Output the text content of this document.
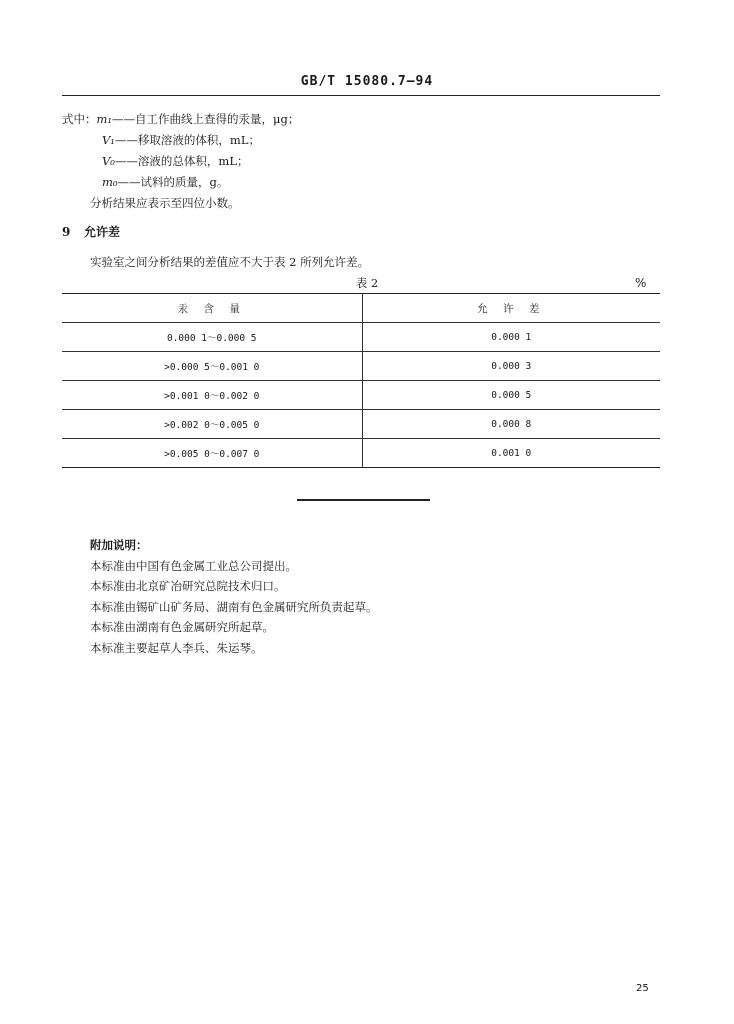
GB/T 15080.7—94
式中：m₁——自工作曲线上查得的汞量，μg；
V₁——移取溶液的体积，mL；
V₀——溶液的总体积，mL；
m₀——试料的质量，g。
分析结果应表示至四位小数。
9 允许差
实验室之间分析结果的差值应不大于表 2 所列允许差。
表 2	%
汞 含 量	允 许 差
0.000 1～0.000 5	0.000 1
>0.000 5～0.001 0	0.000 3
>0.001 0～0.002 0	0.000 5
>0.002 0～0.005 0	0.000 8
>0.005 0～0.007 0	0.001 0
附加说明：
本标准由中国有色金属工业总公司提出。
本标准由北京矿冶研究总院技术归口。
本标准由锡矿山矿务局、湖南有色金属研究所负责起草。
本标准由湖南有色金属研究所起草。
本标准主要起草人李兵、朱运琴。
25
